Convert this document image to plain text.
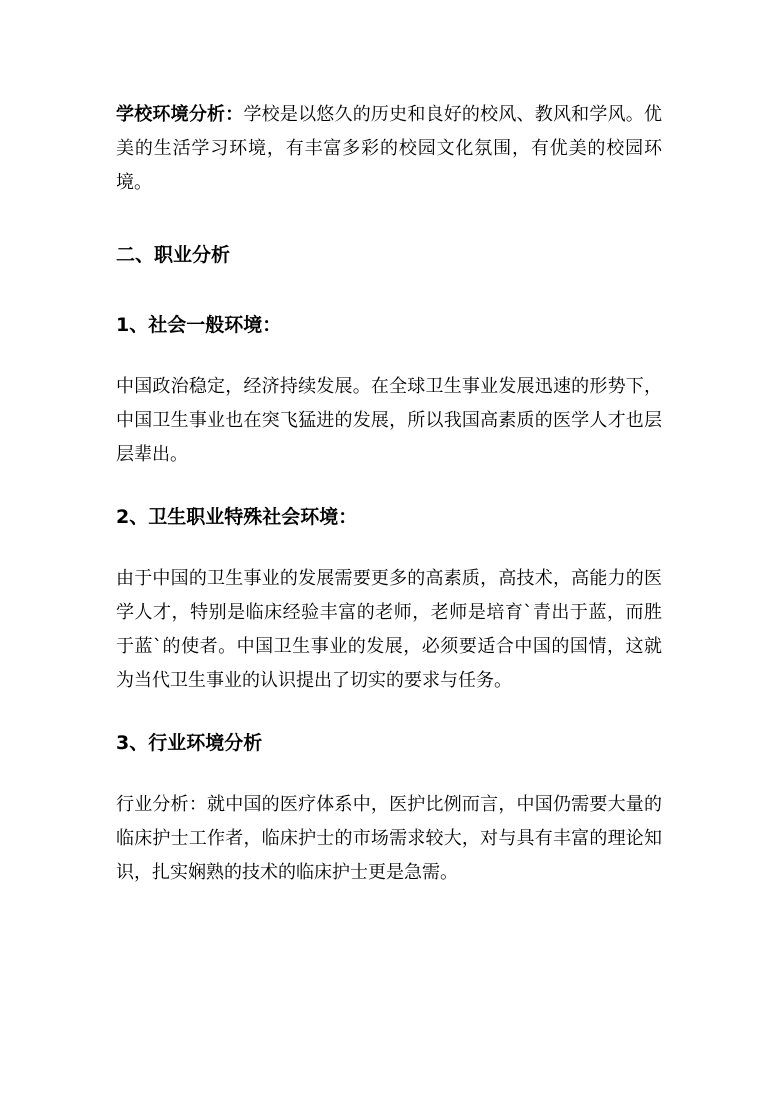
学校环境分析：学校是以悠久的历史和良好的校风、教风和学风。优美的生活学习环境，有丰富多彩的校园文化氛围，有优美的校园环境。

二、职业分析
1、社会一般环境：

中国政治稳定，经济持续发展。在全球卫生事业发展迅速的形势下，中国卫生事业也在突飞猛进的发展，所以我国高素质的医学人才也层层辈出。

2、卫生职业特殊社会环境：

由于中国的卫生事业的发展需要更多的高素质，高技术，高能力的医学人才，特别是临床经验丰富的老师，老师是培育`青出于蓝，而胜于蓝`的使者。中国卫生事业的发展，必须要适合中国的国情，这就为当代卫生事业的认识提出了切实的要求与任务。

3、行业环境分析

行业分析：就中国的医疗体系中，医护比例而言，中国仍需要大量的临床护士工作者，临床护士的市场需求较大，对与具有丰富的理论知识，扎实娴熟的技术的临床护士更是急需。
